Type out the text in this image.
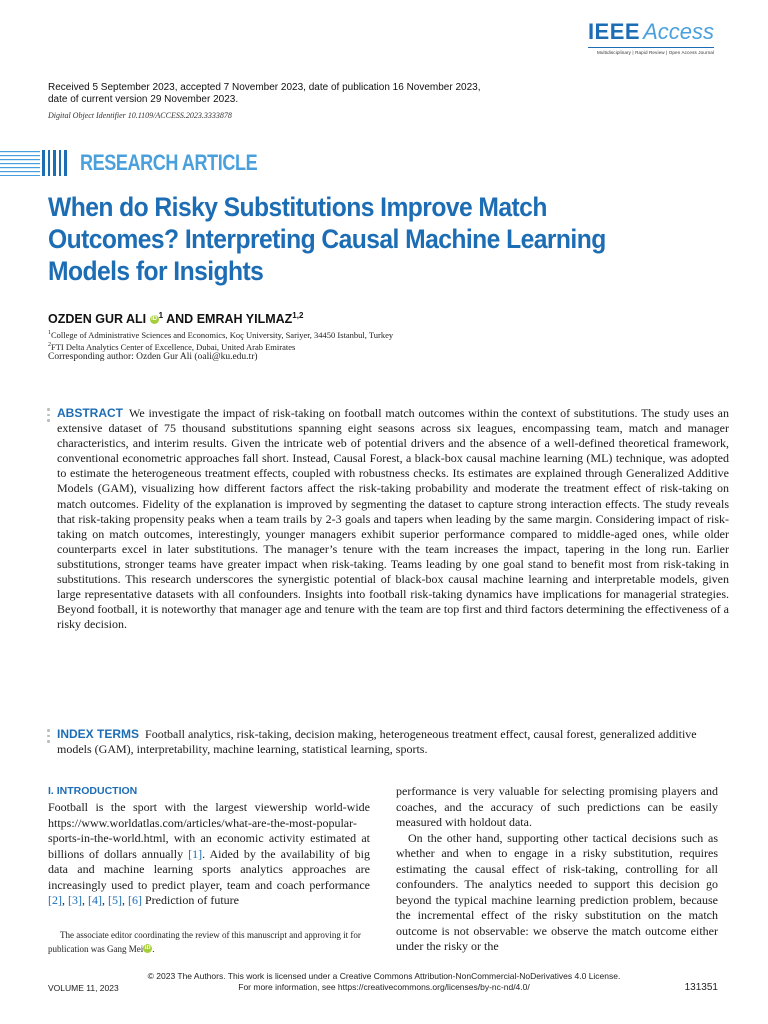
IEEE Access
Multidisciplinary | Rapid Review | Open Access Journal
Received 5 September 2023, accepted 7 November 2023, date of publication 16 November 2023, date of current version 29 November 2023.
Digital Object Identifier 10.1109/ACCESS.2023.3333878
RESEARCH ARTICLE
When do Risky Substitutions Improve Match Outcomes? Interpreting Causal Machine Learning Models for Insights
OZDEN GUR ALI iD $^1$ AND EMRAH YILMAZ$^{1,2}$
$^1$College of Administrative Sciences and Economics, Koç University, Sariyer, 34450 Istanbul, Turkey
$^2$FTI Delta Analytics Center of Excellence, Dubai, United Arab Emirates
Corresponding author: Ozden Gur Ali (oali@ku.edu.tr)
ABSTRACT We investigate the impact of risk-taking on football match outcomes within the context of substitutions. The study uses an extensive dataset of 75 thousand substitutions spanning eight seasons across six leagues, encompassing team, match and manager characteristics, and interim results. Given the intricate web of potential drivers and the absence of a well-defined theoretical framework, conventional econometric approaches fall short. Instead, Causal Forest, a black-box causal machine learning (ML) technique, was adopted to estimate the heterogeneous treatment effects, coupled with robustness checks. Its estimates are explained through Generalized Additive Models (GAM), visualizing how different factors affect the risk-taking probability and moderate the treatment effect of risk-taking on match outcomes. Fidelity of the explanation is improved by segmenting the dataset to capture strong interaction effects. The study reveals that risk-taking propensity peaks when a team trails by 2-3 goals and tapers when leading by the same margin. Considering impact of risk-taking on match outcomes, interestingly, younger managers exhibit superior performance compared to middle-aged ones, while older counterparts excel in later substitutions. The manager’s tenure with the team increases the impact, tapering in the long run. Earlier substitutions, stronger teams have greater impact when risk-taking. Teams leading by one goal stand to benefit most from risk-taking in substitutions. This research underscores the synergistic potential of black-box causal machine learning and interpretable models, given large representative datasets with all confounders. Insights into football risk-taking dynamics have implications for managerial strategies. Beyond football, it is noteworthy that manager age and tenure with the team are top first and third factors determining the effectiveness of a risky decision.
INDEX TERMS Football analytics, risk-taking, decision making, heterogeneous treatment effect, causal forest, generalized additive models (GAM), interpretability, machine learning, statistical learning, sports.
I. INTRODUCTION
Football is the sport with the largest viewership world-wide https://www.worldatlas.com/articles/what-are-the-most-popular-sports-in-the-world.html, with an economic activity estimated at billions of dollars annually [1]. Aided by the availability of big data and machine learning sports analytics approaches are increasingly used to predict player, team and coach performance [2], [3], [4], [5], [6] Prediction of future
The associate editor coordinating the review of this manuscript and approving it for publication was Gang Mei iD .
performance is very valuable for selecting promising players and coaches, and the accuracy of such predictions can be easily measured with holdout data.
On the other hand, supporting other tactical decisions such as whether and when to engage in a risky substitution, requires estimating the causal effect of risk-taking, controlling for all confounders. The analytics needed to support this decision go beyond the typical machine learning prediction problem, because the incremental effect of the risky substitution on the match outcome is not observable: we observe the match outcome either under the risky or the
© 2023 The Authors. This work is licensed under a Creative Commons Attribution-NonCommercial-NoDerivatives 4.0 License.
For more information, see https://creativecommons.org/licenses/by-nc-nd/4.0/
VOLUME 11, 2023	131351
